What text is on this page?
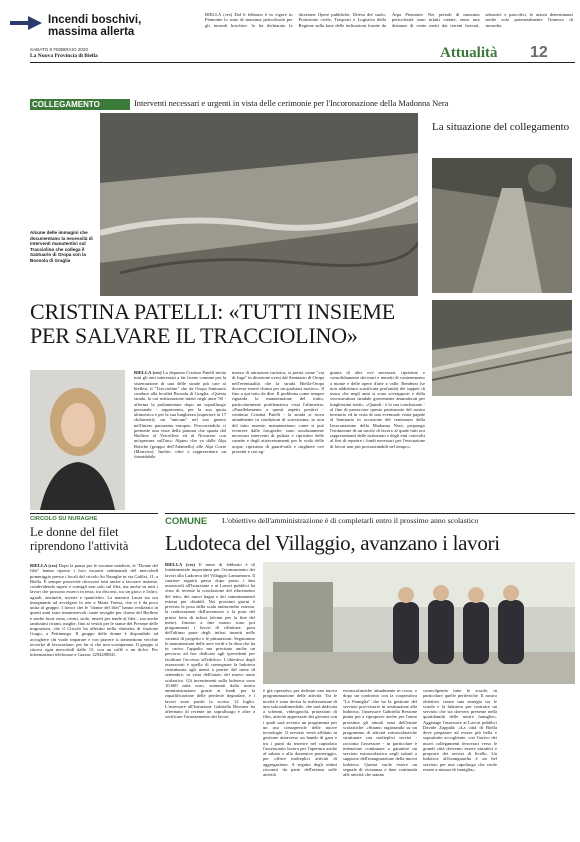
Incendi boschivi, massima allerta
BIELLA (ces) Dal 6 febbraio è in vigore in Piemonte lo stato di massima pericolosità per gli incendi boschivi: lo ha dichiarato la direzione Opere pubbliche, Difesa del suolo, Protezione civile, Trasporti e Logistica della Regione sulla base delle indicazioni fornite da Arpa Piemonte. Nei periodi di massima pericolosità sono infatti vietate, entro una distanza di cento metri dai terreni boscati, arbustivi e pascolivi, le azioni determinanti anche solo potenzialmente l'innesco di incendio.
SABATO 8 FEBBRAIO 2020
La Nuova Provincia di Biella	Attualità 12
COLLEGAMENTO	Interventi necessari e urgenti in vista delle cerimonie per l'Incoronazione della Madonna Nera
Alcune delle immagini che documentano la necessità di interventi manutentivi sul Tracciolino che collega il Santuario di Oropa con la Bossola di Graglia
La situazione del collegamento
CRISTINA PATELLI: «TUTTI INSIEME PER SALVARE IL TRACCIOLINO»
BIELLA (ces) La deputata Cristina Patelli invita tutti gli enti interessati a far fronte comune per la sistemazione di una delle strade più care ai biellesi, il "Tracciolino" che da Oropa Santuario conduce alla località Bossola di Graglia. «Questa strada, la cui realizzazione iniziò negli anni '50 - afferma la parlamentare dopo un sopralluogo personale - rappresenta, per la sua quota altimetrica e per la sua lunghezza (superiore ai 17 chilometri), un "unicum" nel suo genere nell'intero panorama europeo. Percorrendolo ci permette una vista della pianura che spazia dal Biellese al Vercellese ed al Novarese con un'apertura sull'arco Alpino che va dalle Alpi Retiche (gruppo dell'Adamello) alle Alpi Cozie (Monviso). Inoltre, oltre a rappresentare un formidabile
mezzo di attrazione turistica, si presta come "via di fuga" in direzione ovest dal Santuario di Oropa nell'eventualità che la strada Biella-Oropa dovesse essere chiusa per un qualsiasi motivo». Il fino a qui tutto da dire. Il problema come sempre riguarda la manutenzione del tratto, particolarmente problematica vista l'altimetria. «Parallelamente a questi aspetti positivi - continua Cristina Patelli - la strada si trova attualmente in condizioni di scarsissima, se non del tutto assente, manutenzione; come si può evincere dalle fotografie, sono assolutamente necessari interventi di pulizia e ripristino delle cunette e degli attraversamenti per lo scolo delle acque, ripristino di guard-rails e ringhiere ove presenti e con ag-
giunta di altri ove necessari, ripristino e consolidamento dei muri e muretti di contenimento a monte e delle opere d'arte a valle. Renderai (se non addirittura scarificata profonda) dei tappeti di usura che negli anni si sono sovrapposti e della sovrastruttura stradale gravemente ammalorati per lunghissimi tratti». «Quindi - è la sua conclusione - al fine di preservare questo patrimonio del nostro territorio ed in vista di una eventuale visita papale al Santuario in occasione del centenario della Incoronazione della Madonna Nera, propongo l'istituzione di un tavolo di lavoro al quale tutti noi rappresentanti delle istituzioni e degli enti coinvolti al fini di reperire i fondi necessari per l'esecuzione di lavori non più procrastinabili nel tempo».
CIRCOLO SU NURAGHE
Le donne del filet riprendono l'attività
BIELLA (ces) Dopo la pausa per le vacanze natalizie, le "Donne del filet" hanno ripreso i loro incontri settimanali del mercoledì pomeriggio presso i locali del circolo Su Nuraghe in via Galilei, 11, a Biella. È sempre piacevole ritrovarsi tutti anche a lavorare insieme, condividendo saperi e consigli non solo sul filet, ma anche su tutti i lavori che possono esserci in testa, tra discorsi, tra un gioco e l'altro, uguali, uncinetti, ruvette e quant'altro. La maestra Laura sta ora insegnando ad avvolgere la rete a Maria Teresa, che si è da poco unita al gruppo. I lavori che le "donne del filet" hanno realizzato in questi anni sono innumerevoli: tante tovaglie per chiese del Biellese e anche fuori zona, centri, stole, inserti per tende al filet... ma anche tantissimi ricami, maglie, fino ai vestiti per le statue del Presepe delle migrazioni, che il Circolo ha allestito nella chiesetta di frazione Gurgo, a Pettinengo. Il gruppo delle donne è disponibile ad accogliere chi vuole imparare e con piacere si trasmettono vecchie tecniche di lavorazione, per far sì che non scompaiano. Il gruppo si ritrova ogni mercoledì dalle 15, con un caffè e un dolce. Per informazioni telefonare a Grazia: 3294298841.
COMUNE L'obiettivo dell'amministrazione è di completarli entro il prossimo anno scolastico
Ludoteca del Villaggio, avanzano i lavori
BIELLA (ces) Il mese di febbraio è di fondamentale importanza per l'avanzamento dei lavori alla Ludoteca del Villaggio Lamarmora. Il cantiere seguirà passo dopo passo i dati assessorili all'Istruzione e ai Lavori pubblici ha visto di recente la conclusione del rifacimento del tetto, dei nuovi bagni e dei camminamenti esterni per disabili. Nei prossimi giorni è prevista la posa della scala antincendio esterna, la realizzazione dell'ascensore e la posa del primo lotto di infissi (alcuni per la fine del mese). Intorno a fine marzo sono poi programmati i lavori di rifinitura: posa dell'ultimo parte degli infissi inseriti nelle varianti di progetto e le pitturazioni. Seguiranno le manutenzioni delle aree verdi e la dirta che ha in carico l'appalto ma precisato anche un percorso ad hoc dedicato agli ipovedenti per facilitare l'accesso all'edificio. L'obiettivo degli assessorati è quello di consegnare la ludoteca ristrutturata agli utenti a partire dal mese di settembre, in vista dell'inizio del nuovo anno scolastico. Gli investimenti sulla ludoteca sono 10.600 mila euro, sommati dalla nostra amministrazione grazie ai fondi per la riqualificazione delle periferie degradate, e i lavori sono partiti lo scorso 12 luglio. L'assessore all'Istruzione Gabriella Bessone ha affermato di recente un sopralluogo e altre a verificare l'avanzamento dei lavori
è già operativo per definire una nuova programmazione delle attività. Tra le novità è stata decisa la realizzazione di una sala multimediale, che sarà dedicata a schermi, videogiochi, proiezioni di film, attività apprezzate dai giovani con i quali sarà avviato un programma per un uso consapevole delle nuove tecnologie. Il servizio verrà affidato in gestione attraverso un bando di gara e tra i punti da inserire nel capitolato l'assessorato lavora per l'apertura anche al sabato e alla domenica pomeriggio, per offrire molteplici attività di aggregazione. A seguito degli ottimi riscontri da parte dell'utenza sulle attività
extrascolastiche attualmente in corso, e dopo un confronto con la cooperativa "La Famiglia" che ha la gestione del servizio provvisorio in sostituzione alla ludoteca, l'assessore Gabriella Bessone punta poi a riproporre anche per l'anno prossimo gli attuali orari dell'estate scolastiche: «Stiamo ragionando su un programma di attività extrascolastiche strutturate con molteplici servizi - racconta l'assessore - in particolare è intenzione continuare a garantire un servizio extrascolastico negli istituti a supporto dell'inaugurazione della nuova ludoteca. Questa vuole essere un segnale di vicinanza e dare continuità alle attività che stanno
coinvolgendo tutte le scuole, in particolare quelle periferiche. Il nostro obiettivo creare una sinergia tra le scuole e la ludoteca per costruire un servizio che sia davvero presente nella quotidianità delle nostre famiglie». Aggiunge l'assessore ai Lavori pubblici Davide Zappalà: «La città di Biella deve preparare ad essere più bella e soprattutto accogliente, con l'arrivo dei nuovi collegamenti ferroviari verso le grandi città dovremo essere attrattivi e proporre dei servizi di livello. Un ludoteca all'avanguardia è un bel servizio per una capoluogo che vuole essere a misura di famiglia».
